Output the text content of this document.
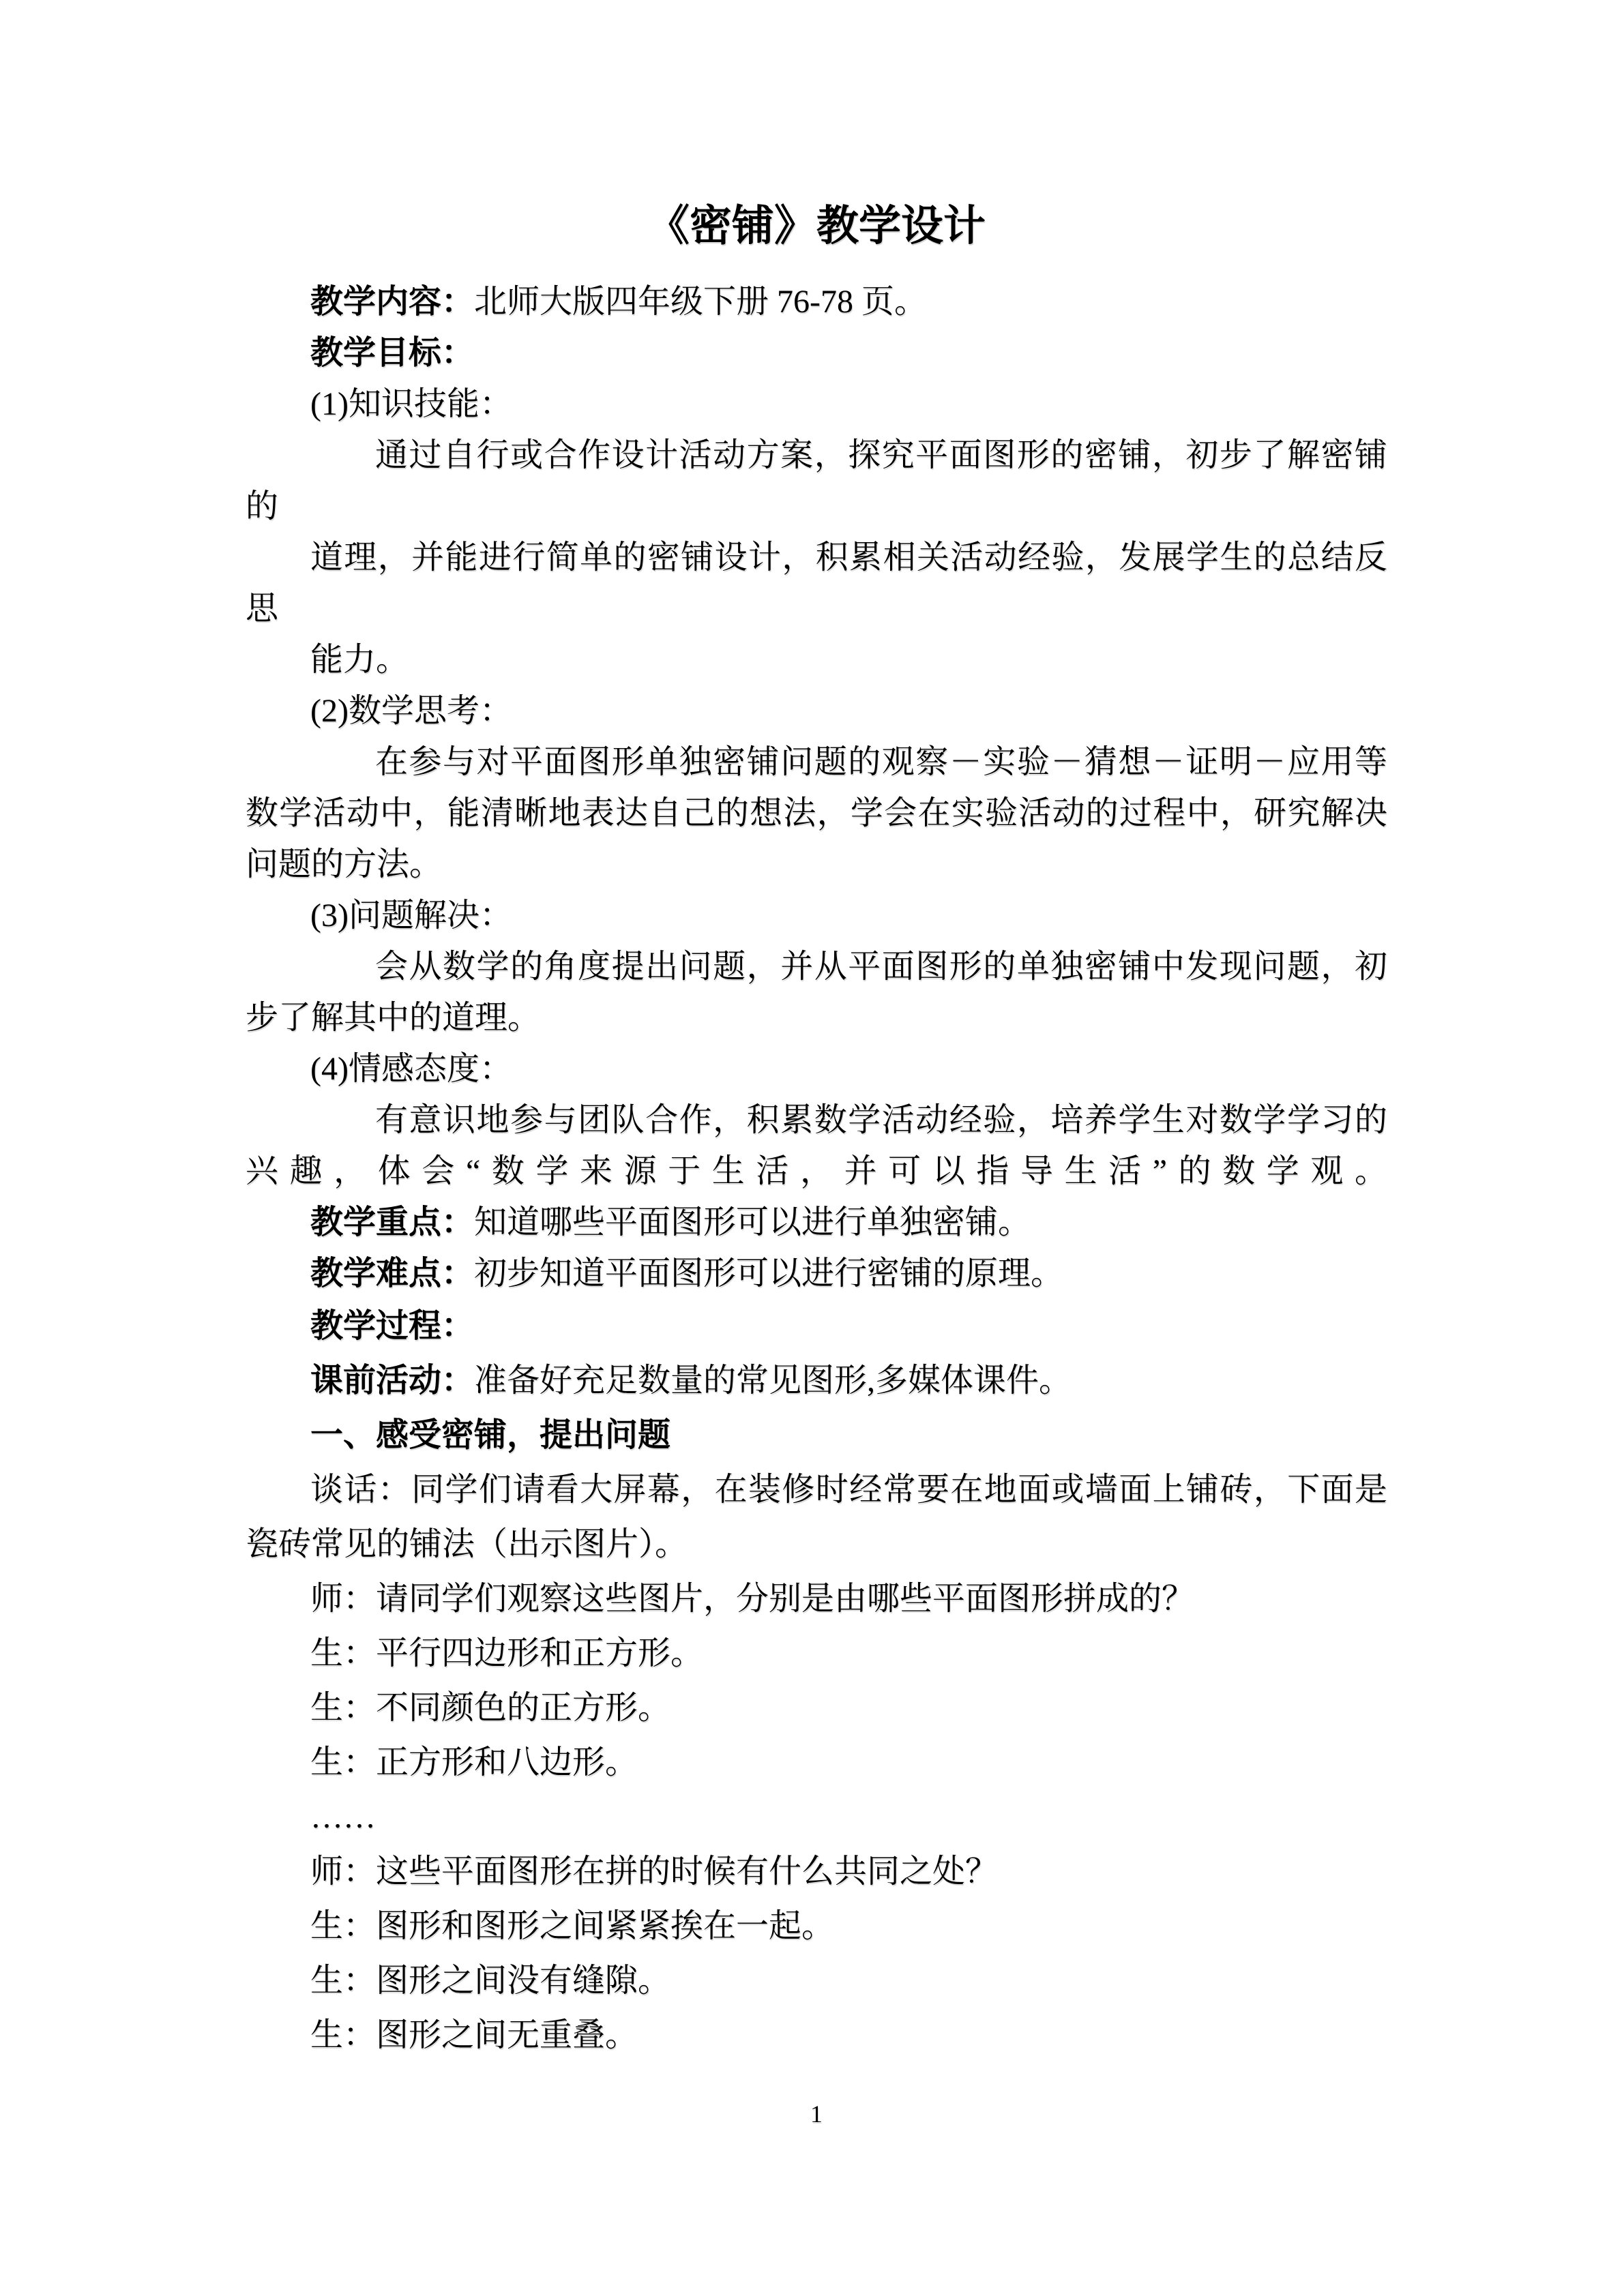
《密铺》教学设计
教学内容：北师大版四年级下册 76-78 页。
教学目标：
(1)知识技能：
通过自行或合作设计活动方案，探究平面图形的密铺，初步了解密铺
的
道理，并能进行简单的密铺设计，积累相关活动经验，发展学生的总结反
思
能力。
(2)数学思考：
在参与对平面图形单独密铺问题的观察－实验－猜想－证明－应用等
数学活动中，能清晰地表达自己的想法，学会在实验活动的过程中，研究解决
问题的方法。
(3)问题解决：
会从数学的角度提出问题，并从平面图形的单独密铺中发现问题，初
步了解其中的道理。
(4)情感态度：
有意识地参与团队合作，积累数学活动经验，培养学生对数学学习的
兴趣，体会“数学来源于生活，并可以指导生活”的数学观。
教学重点：知道哪些平面图形可以进行单独密铺。
教学难点：初步知道平面图形可以进行密铺的原理。
教学过程：
课前活动：准备好充足数量的常见图形,多媒体课件。
一、感受密铺，提出问题
谈话：同学们请看大屏幕，在装修时经常要在地面或墙面上铺砖，下面是
瓷砖常见的铺法（出示图片）。
师：请同学们观察这些图片，分别是由哪些平面图形拼成的？
生：平行四边形和正方形。
生：不同颜色的正方形。
生：正方形和八边形。
……
师：这些平面图形在拼的时候有什么共同之处？
生：图形和图形之间紧紧挨在一起。
生：图形之间没有缝隙。
生：图形之间无重叠。
1
